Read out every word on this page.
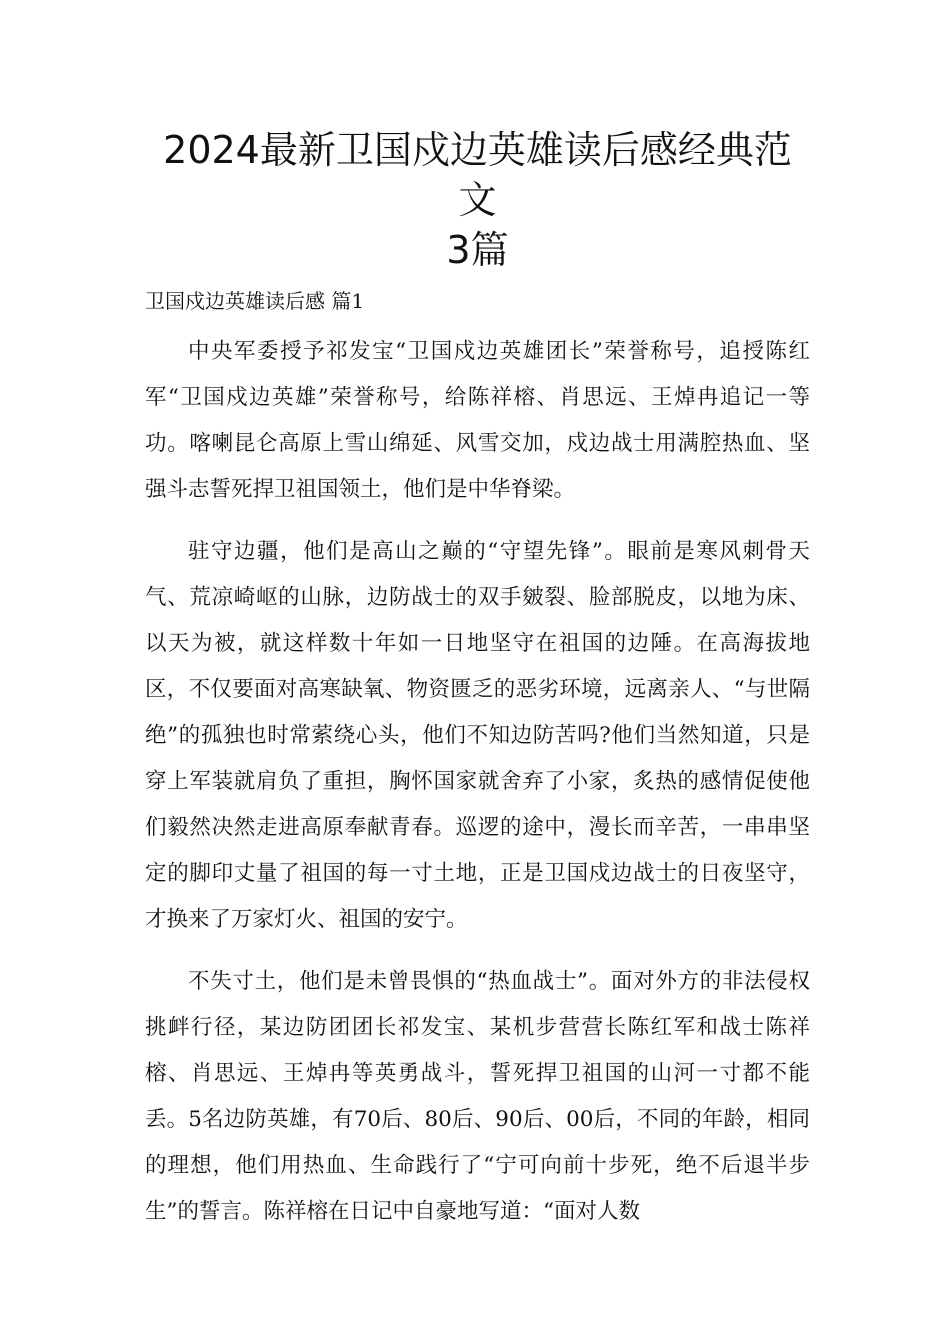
2024最新卫国戍边英雄读后感经典范文
3篇

卫国戍边英雄读后感 篇1

中央军委授予祁发宝“卫国戍边英雄团长”荣誉称号，追授陈红军“卫国戍边英雄”荣誉称号，给陈祥榕、肖思远、王焯冉追记一等功。喀喇昆仑高原上雪山绵延、风雪交加，戍边战士用满腔热血、坚强斗志誓死捍卫祖国领土，他们是中华脊梁。

驻守边疆，他们是高山之巅的“守望先锋”。眼前是寒风刺骨天气、荒凉崎岖的山脉，边防战士的双手皴裂、脸部脱皮，以地为床、以天为被，就这样数十年如一日地坚守在祖国的边陲。在高海拔地区，不仅要面对高寒缺氧、物资匮乏的恶劣环境，远离亲人、“与世隔绝”的孤独也时常萦绕心头，他们不知边防苦吗?他们当然知道，只是穿上军装就肩负了重担，胸怀国家就舍弃了小家，炙热的感情促使他们毅然决然走进高原奉献青春。巡逻的途中，漫长而辛苦，一串串坚定的脚印丈量了祖国的每一寸土地，正是卫国戍边战士的日夜坚守，才换来了万家灯火、祖国的安宁。

不失寸土，他们是未曾畏惧的“热血战士”。面对外方的非法侵权挑衅行径，某边防团团长祁发宝、某机步营营长陈红军和战士陈祥榕、肖思远、王焯冉等英勇战斗，誓死捍卫祖国的山河一寸都不能丢。5名边防英雄，有70后、80后、90后、00后，不同的年龄，相同的理想，他们用热血、生命践行了“宁可向前十步死，绝不后退半步生”的誓言。陈祥榕在日记中自豪地写道：“面对人数
